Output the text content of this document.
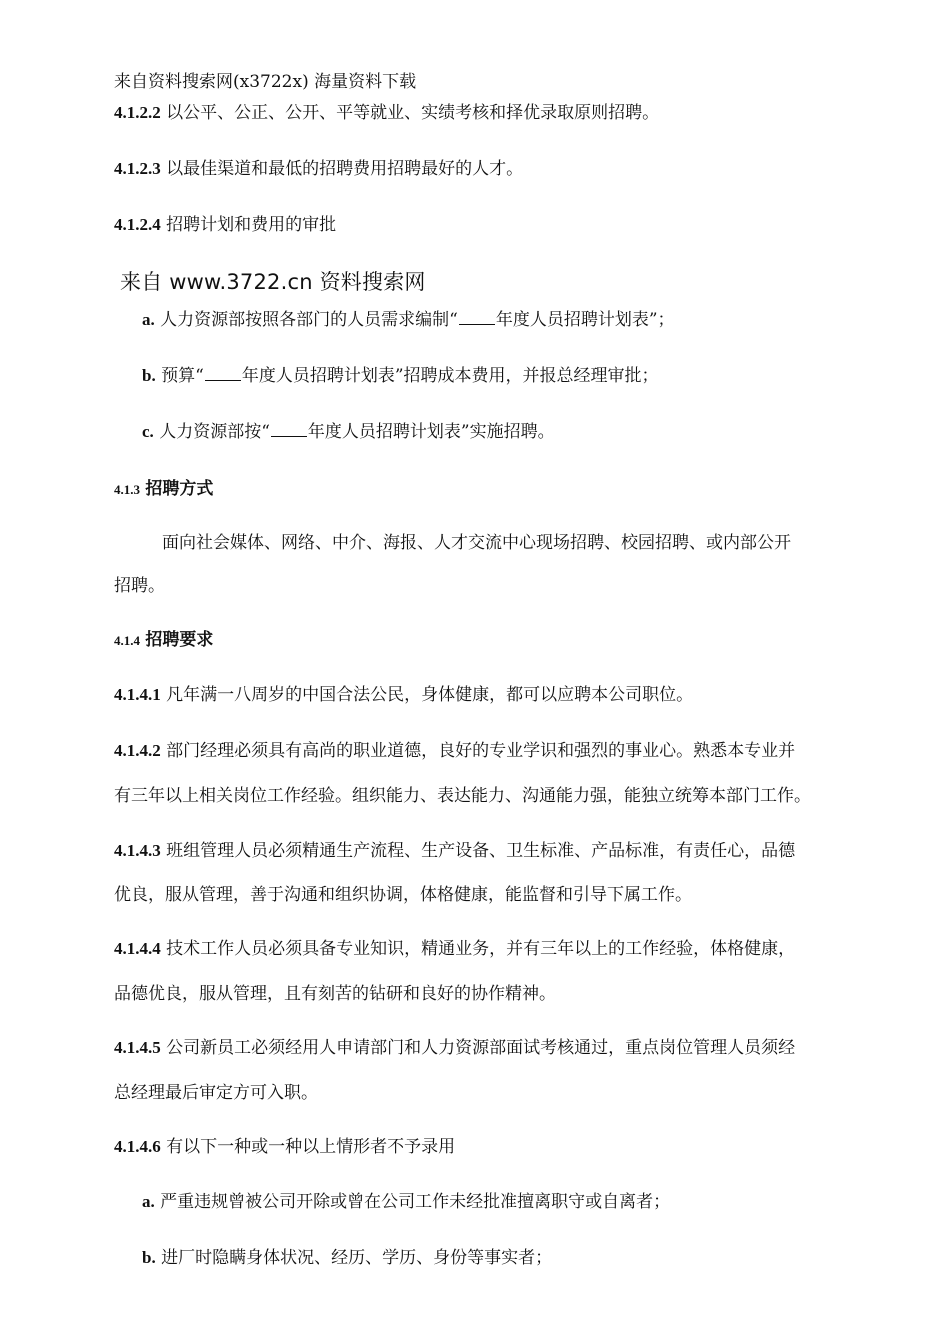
来自资料搜索网(x3722x) 海量资料下载
4.1.2.2 以公平、公正、公开、平等就业、实绩考核和择优录取原则招聘。
4.1.2.3 以最佳渠道和最低的招聘费用招聘最好的人才。
4.1.2.4 招聘计划和费用的审批
来自 www.3722.cn 资料搜索网
a. 人力资源部按照各部门的人员需求编制“ 年度人员招聘计划表”；
b. 预算“ 年度人员招聘计划表”招聘成本费用，并报总经理审批；
c. 人力资源部按“ 年度人员招聘计划表”实施招聘。
4.1.3 招聘方式
面向社会媒体、网络、中介、海报、人才交流中心现场招聘、校园招聘、或内部公开
招聘。
4.1.4 招聘要求
4.1.4.1 凡年满一八周岁的中国合法公民，身体健康，都可以应聘本公司职位。
4.1.4.2 部门经理必须具有高尚的职业道德，良好的专业学识和强烈的事业心。熟悉本专业并
有三年以上相关岗位工作经验。组织能力、表达能力、沟通能力强，能独立统筹本部门工作。
4.1.4.3 班组管理人员必须精通生产流程、生产设备、卫生标准、产品标准，有责任心，品德
优良，服从管理，善于沟通和组织协调，体格健康，能监督和引导下属工作。
4.1.4.4 技术工作人员必须具备专业知识，精通业务，并有三年以上的工作经验，体格健康，
品德优良，服从管理，且有刻苦的钻研和良好的协作精神。
4.1.4.5 公司新员工必须经用人申请部门和人力资源部面试考核通过，重点岗位管理人员须经
总经理最后审定方可入职。
4.1.4.6 有以下一种或一种以上情形者不予录用
a. 严重违规曾被公司开除或曾在公司工作未经批准擅离职守或自离者；
b. 进厂时隐瞒身体状况、经历、学历、身份等事实者；
